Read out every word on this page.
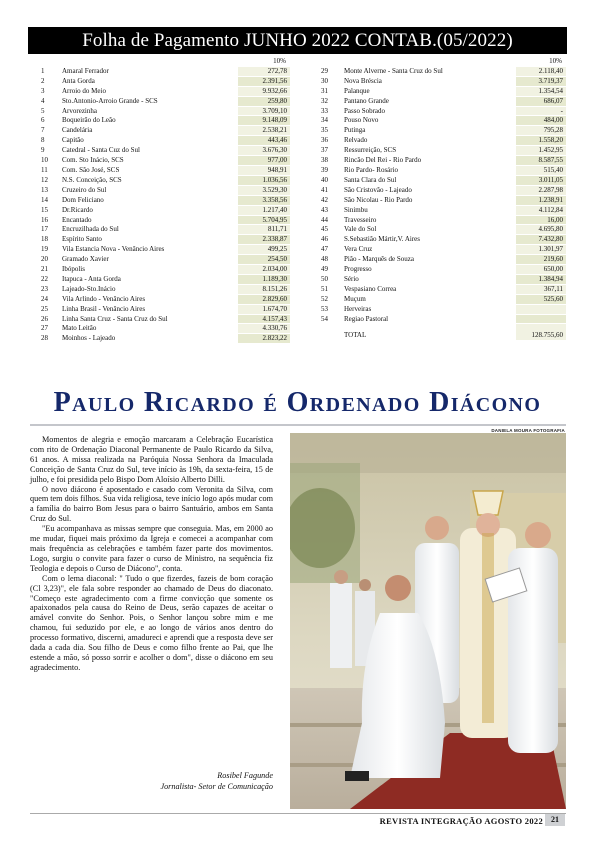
Folha de Pagamento JUNHO 2022 CONTAB.(05/2022)
		10%
1	Amaral Ferrador	272,78
2	Anta Gorda	2.391,56
3	Arroio do Meio	9.932,66
4	Sto.Antonio-Arroio Grande - SCS	259,80
5	Arvorezinha	3.709,10
6	Boqueirão do Leão	9.148,09
7	Candelária	2.538,21
8	Capitão	443,46
9	Catedral - Santa Cuz do Sul	3.676,30
10	Com. Sto Inácio, SCS	977,00
11	Com. São José, SCS	948,91
12	N.S. Conceição, SCS	1.036,56
13	Cruzeiro do Sul	3.529,30
14	Dom Feliciano	3.358,56
15	Dr.Ricardo	1.217,40
16	Encantado	5.704,95
17	Encruzilhada do Sul	811,71
18	Espírito Santo	2.338,87
19	Vila Estancia Nova - Venâncio Aires	499,25
20	Gramado Xavier	254,50
21	Ibópolis	2.034,00
22	Itapuca - Anta Gorda	1.189,30
23	Lajeado-Sto.Inácio	8.151,26
24	Vila Arlindo - Venâncio Aires	2.829,60
25	Linha Brasil - Venâncio Aires	1.674,70
26	Linha Santa Cruz - Santa Cruz do Sul	4.157,43
27	Mato Leitão	4.330,76
28	Moinhos - Lajeado	2.823,22
		10%
29	Monte Alverne - Santa Cruz do Sul	2.118,40
30	Nova Bréscia	3.719,37
31	Palanque	1.354,54
32	Pantano Grande	686,07
33	Passo Sobrado	-
34	Pouso Novo	484,00
35	Putinga	795,28
36	Relvado	1.558,20
37	Ressurreição, SCS	1.452,95
38	Rincão Del Rei - Rio Pardo	8.587,55
39	Rio Pardo- Rosário	515,40
40	Santa Clara do Sul	3.011,05
41	São Cristovão - Lajeado	2.287,98
42	São Nicolau - Rio Pardo	1.238,91
43	Sinimbu	4.112,84
44	Travesseiro	16,00
45	Vale do Sol	4.695,80
46	S.Sebastião Mártir,V. Aires	7.432,80
47	Vera Cruz	1.301,97
48	Pião - Marquês de Souza	219,60
49	Progresso	650,00
50	Sério	1.384,94
51	Vespasiano Correa	367,11
52	Muçum	525,60
53	Herveiras	
54	Regiao Pastoral	
	TOTAL	128.755,60
Paulo Ricardo é Ordenado Diácono
DANIELA MOURA FOTOGRAFIA

Momentos de alegria e emoção marcaram a Celebração Eucarística com rito de Ordenação Diaconal Permanente de Paulo Ricardo da Silva, 61 anos. A missa realizada na Paróquia Nossa Senhora da Imaculada Conceição de Santa Cruz do Sul, teve início às 19h, da sexta-feira, 15 de julho, e foi presidida pelo Bispo Dom Aloísio Alberto Dilli.

O novo diácono é aposentado e casado com Veronita da Silva, com quem tem dois filhos. Sua vida religiosa, teve início logo após mudar com a família do bairro Bom Jesus para o bairro Santuário, ambos em Santa Cruz do Sul.

"Eu acompanhava as missas sempre que conseguia. Mas, em 2000 ao me mudar, fiquei mais próximo da Igreja e comecei a acompanhar com mais frequência as celebrações e também fazer parte dos movimentos. Logo, surgiu o convite para fazer o curso de Ministro, na sequência fiz Teologia e depois o Curso de Diácono", conta.

Com o lema diaconal: " Tudo o que fizerdes, fazeis de bom coração (Cl 3,23)", ele fala sobre responder ao chamado de Deus do diaconato. "Começo este agradecimento com a firme convicção que somente os apaixonados pela causa do Reino de Deus, serão capazes de aceitar o amável convite do Senhor. Pois, o Senhor lançou sobre mim e me chamou, fui seduzido por ele, e ao longo de vários anos dentro do processo formativo, discerni, amadureci e aprendi que a resposta deve ser dada a cada dia. Sou filho de Deus e como filho frente ao Pai, que lhe estende a mão, só posso sorrir e acolher o dom", disse o diácono em seu agradecimento.

Rosibel Fagunde
Jornalista- Setor de Comunicação
REVISTA INTEGRAÇÃO AGOSTO 2022	21
